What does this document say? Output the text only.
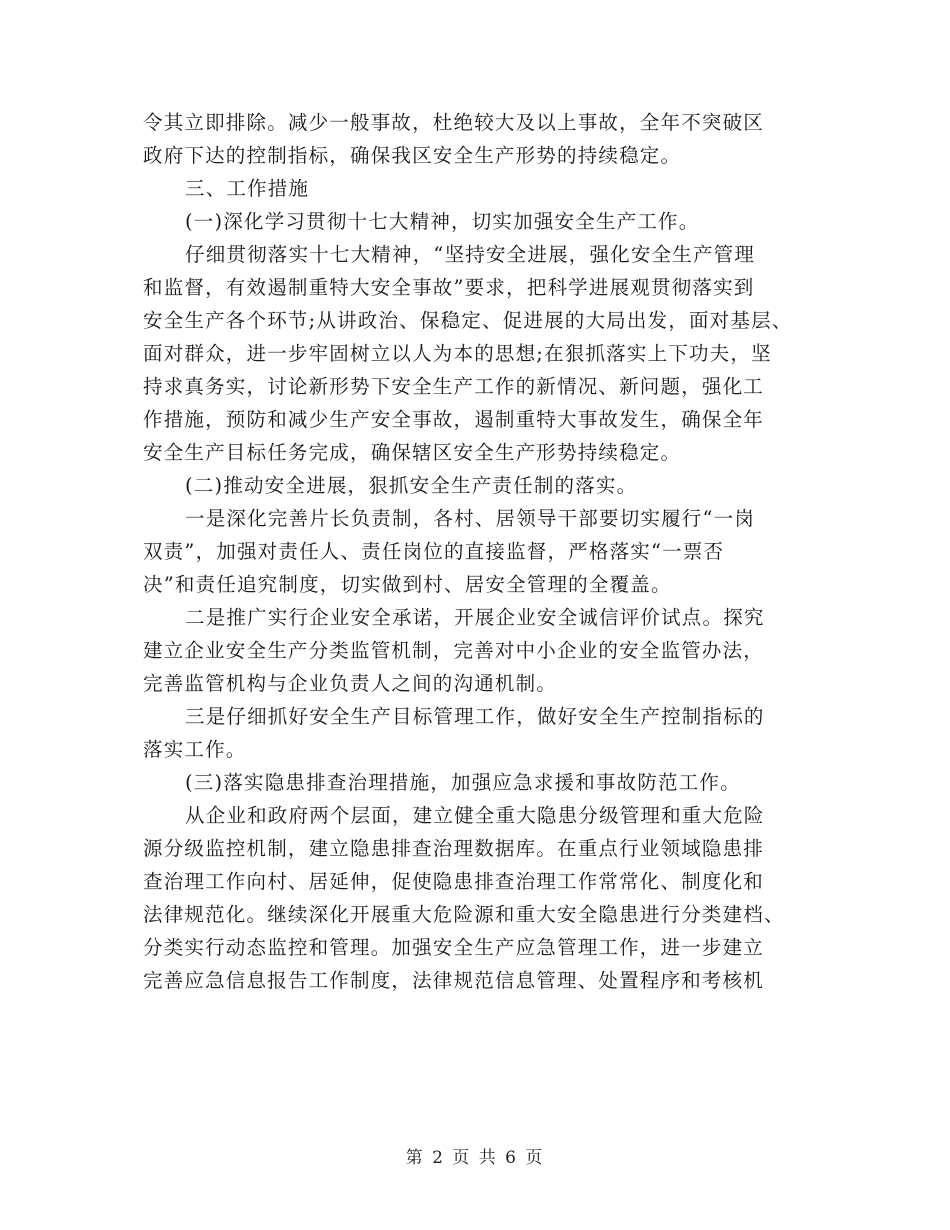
令其立即排除。减少一般事故，杜绝较大及以上事故，全年不突破区
政府下达的控制指标，确保我区安全生产形势的持续稳定。
三、工作措施
(一)深化学习贯彻十七大精神，切实加强安全生产工作。
仔细贯彻落实十七大精神，“坚持安全进展，强化安全生产管理
和监督，有效遏制重特大安全事故”要求，把科学进展观贯彻落实到
安全生产各个环节;从讲政治、保稳定、促进展的大局出发，面对基层、
面对群众，进一步牢固树立以人为本的思想;在狠抓落实上下功夫，坚
持求真务实，讨论新形势下安全生产工作的新情况、新问题，强化工
作措施，预防和减少生产安全事故，遏制重特大事故发生，确保全年
安全生产目标任务完成，确保辖区安全生产形势持续稳定。
(二)推动安全进展，狠抓安全生产责任制的落实。
一是深化完善片长负责制，各村、居领导干部要切实履行“一岗
双责”，加强对责任人、责任岗位的直接监督，严格落实“一票否
决”和责任追究制度，切实做到村、居安全管理的全覆盖。
二是推广实行企业安全承诺，开展企业安全诚信评价试点。探究
建立企业安全生产分类监管机制，完善对中小企业的安全监管办法，
完善监管机构与企业负责人之间的沟通机制。
三是仔细抓好安全生产目标管理工作，做好安全生产控制指标的
落实工作。
(三)落实隐患排查治理措施，加强应急求援和事故防范工作。
从企业和政府两个层面，建立健全重大隐患分级管理和重大危险
源分级监控机制，建立隐患排查治理数据库。在重点行业领域隐患排
查治理工作向村、居延伸，促使隐患排查治理工作常常化、制度化和
法律规范化。继续深化开展重大危险源和重大安全隐患进行分类建档、
分类实行动态监控和管理。加强安全生产应急管理工作，进一步建立
完善应急信息报告工作制度，法律规范信息管理、处置程序和考核机
第 2 页 共 6 页
